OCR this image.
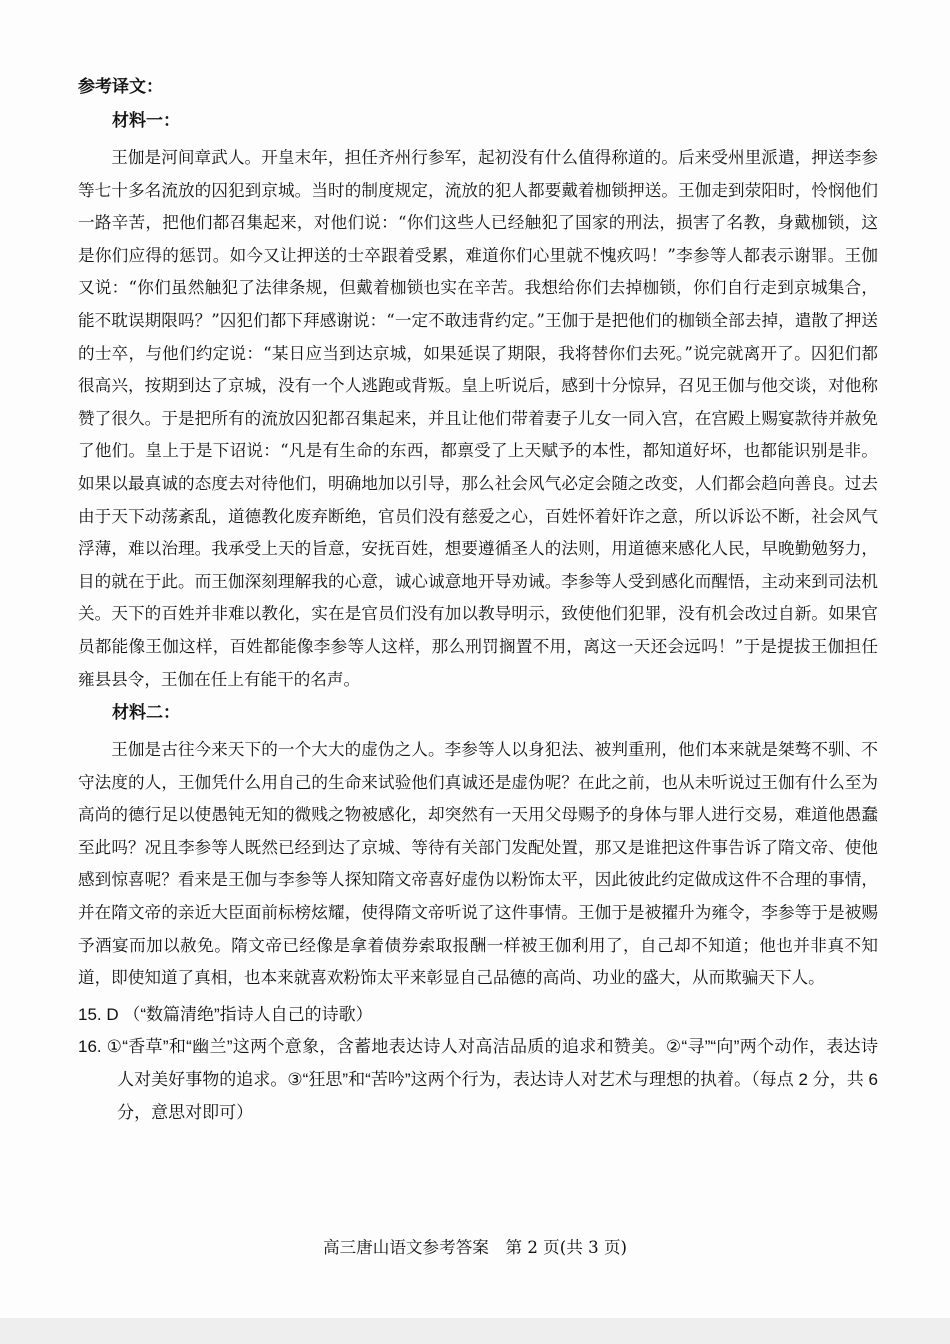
参考译文：

材料一：

王伽是河间章武人。开皇末年，担任齐州行参军，起初没有什么值得称道的。后来受州里派遣，押送李参等七十多名流放的囚犯到京城。当时的制度规定，流放的犯人都要戴着枷锁押送。王伽走到荥阳时，怜悯他们一路辛苦，把他们都召集起来，对他们说：“你们这些人已经触犯了国家的刑法，损害了名教，身戴枷锁，这是你们应得的惩罚。如今又让押送的士卒跟着受累，难道你们心里就不愧疚吗！”李参等人都表示谢罪。王伽又说：“你们虽然触犯了法律条规，但戴着枷锁也实在辛苦。我想给你们去掉枷锁，你们自行走到京城集合，能不耽误期限吗？”囚犯们都下拜感谢说：“一定不敢违背约定。”王伽于是把他们的枷锁全部去掉，遣散了押送的士卒，与他们约定说：“某日应当到达京城，如果延误了期限，我将替你们去死。”说完就离开了。囚犯们都很高兴，按期到达了京城，没有一个人逃跑或背叛。皇上听说后，感到十分惊异，召见王伽与他交谈，对他称赞了很久。于是把所有的流放囚犯都召集起来，并且让他们带着妻子儿女一同入宫，在宫殿上赐宴款待并赦免了他们。皇上于是下诏说：“凡是有生命的东西，都禀受了上天赋予的本性，都知道好坏，也都能识别是非。如果以最真诚的态度去对待他们，明确地加以引导，那么社会风气必定会随之改变，人们都会趋向善良。过去由于天下动荡紊乱，道德教化废弃断绝，官员们没有慈爱之心，百姓怀着奸诈之意，所以诉讼不断，社会风气浮薄，难以治理。我承受上天的旨意，安抚百姓，想要遵循圣人的法则，用道德来感化人民，早晚勤勉努力，目的就在于此。而王伽深刻理解我的心意，诚心诚意地开导劝诫。李参等人受到感化而醒悟，主动来到司法机关。天下的百姓并非难以教化，实在是官员们没有加以教导明示，致使他们犯罪，没有机会改过自新。如果官员都能像王伽这样，百姓都能像李参等人这样，那么刑罚搁置不用，离这一天还会远吗！”于是提拔王伽担任雍县县令，王伽在任上有能干的名声。

材料二：

王伽是古往今来天下的一个大大的虚伪之人。李参等人以身犯法、被判重刑，他们本来就是桀骜不驯、不守法度的人，王伽凭什么用自己的生命来试验他们真诚还是虚伪呢？在此之前，也从未听说过王伽有什么至为高尚的德行足以使愚钝无知的微贱之物被感化，却突然有一天用父母赐予的身体与罪人进行交易，难道他愚蠢至此吗？况且李参等人既然已经到达了京城、等待有关部门发配处置，那又是谁把这件事告诉了隋文帝、使他感到惊喜呢？看来是王伽与李参等人探知隋文帝喜好虚伪以粉饰太平，因此彼此约定做成这件不合理的事情，并在隋文帝的亲近大臣面前标榜炫耀，使得隋文帝听说了这件事情。王伽于是被擢升为雍令，李参等于是被赐予酒宴而加以赦免。隋文帝已经像是拿着债券索取报酬一样被王伽利用了，自己却不知道；他也并非真不知道，即使知道了真相，也本来就喜欢粉饰太平来彰显自己品德的高尚、功业的盛大，从而欺骗天下人。

15. D （“数篇清绝”指诗人自己的诗歌）

16. ①“香草”和“幽兰”这两个意象，含蓄地表达诗人对高洁品质的追求和赞美。②“寻”“向”两个动作，表达诗人对美好事物的追求。③“狂思”和“苦吟”这两个行为，表达诗人对艺术与理想的执着。（每点 2 分，共 6 分，意思对即可）

高三唐山语文参考答案　第 2 页(共 3 页)
